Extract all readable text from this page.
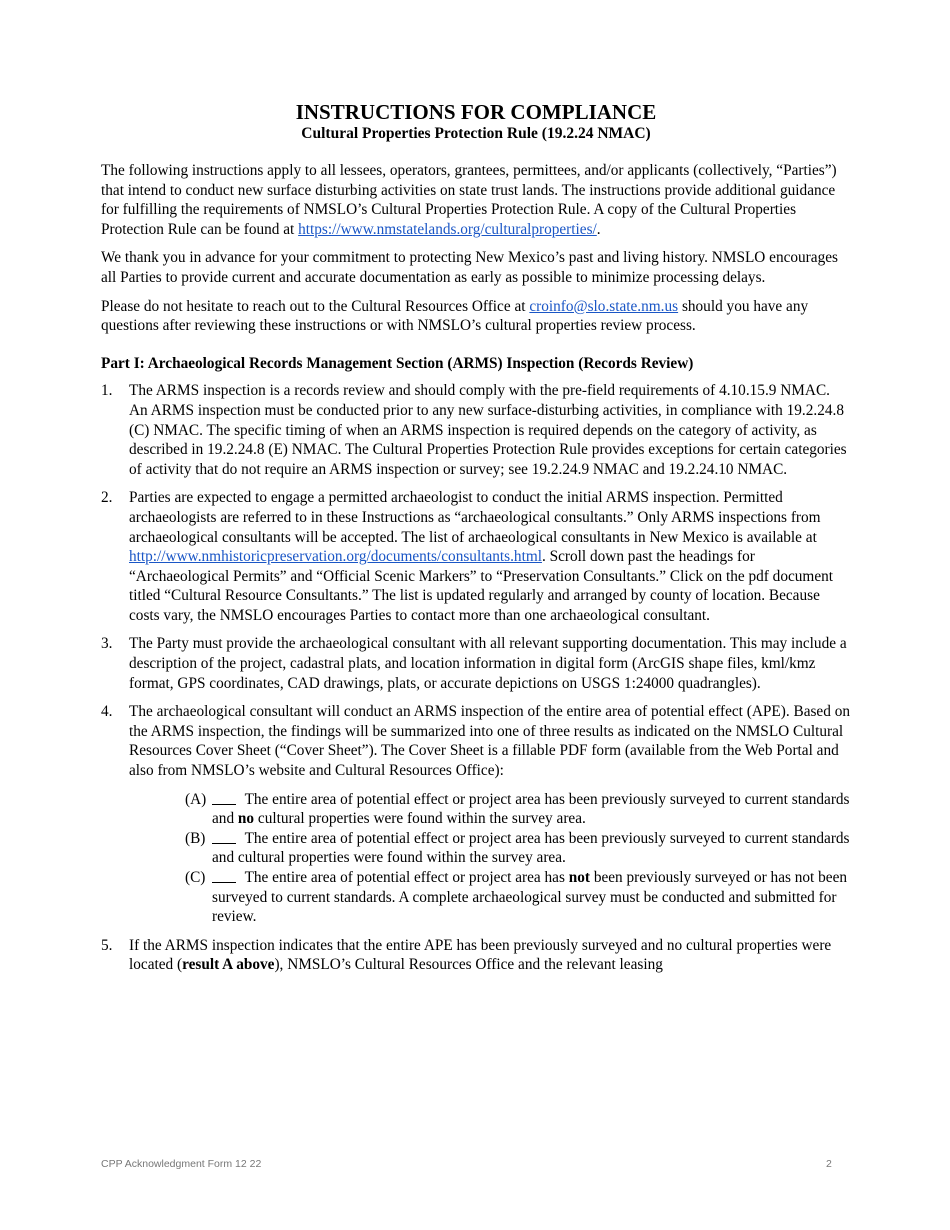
INSTRUCTIONS FOR COMPLIANCE
Cultural Properties Protection Rule (19.2.24 NMAC)

The following instructions apply to all lessees, operators, grantees, permittees, and/or applicants (collectively, “Parties”) that intend to conduct new surface disturbing activities on state trust lands. The instructions provide additional guidance for fulfilling the requirements of NMSLO’s Cultural Properties Protection Rule. A copy of the Cultural Properties Protection Rule can be found at https://www.nmstatelands.org/culturalproperties/.

We thank you in advance for your commitment to protecting New Mexico’s past and living history. NMSLO encourages all Parties to provide current and accurate documentation as early as possible to minimize processing delays.

Please do not hesitate to reach out to the Cultural Resources Office at croinfo@slo.state.nm.us should you have any questions after reviewing these instructions or with NMSLO’s cultural properties review process.

Part I: Archaeological Records Management Section (ARMS) Inspection (Records Review)
1. The ARMS inspection is a records review and should comply with the pre-field requirements of 4.10.15.9 NMAC. An ARMS inspection must be conducted prior to any new surface-disturbing activities, in compliance with 19.2.24.8 (C) NMAC. The specific timing of when an ARMS inspection is required depends on the category of activity, as described in 19.2.24.8 (E) NMAC. The Cultural Properties Protection Rule provides exceptions for certain categories of activity that do not require an ARMS inspection or survey; see 19.2.24.9 NMAC and 19.2.24.10 NMAC.
2. Parties are expected to engage a permitted archaeologist to conduct the initial ARMS inspection. Permitted archaeologists are referred to in these Instructions as “archaeological consultants.” Only ARMS inspections from archaeological consultants will be accepted. The list of archaeological consultants in New Mexico is available at
http://www.nmhistoricpreservation.org/documents/consultants.html. Scroll down past the headings for “Archaeological Permits” and “Official Scenic Markers” to “Preservation Consultants.” Click on the pdf document titled “Cultural Resource Consultants.” The list is updated regularly and arranged by county of location. Because costs vary, the NMSLO encourages Parties to contact more than one archaeological consultant.
3. The Party must provide the archaeological consultant with all relevant supporting documentation. This may include a description of the project, cadastral plats, and location information in digital form (ArcGIS shape files, kml/kmz format, GPS coordinates, CAD drawings, plats, or accurate depictions on USGS 1:24000 quadrangles).
4. The archaeological consultant will conduct an ARMS inspection of the entire area of potential effect (APE). Based on the ARMS inspection, the findings will be summarized into one of three results as indicated on the NMSLO Cultural Resources Cover Sheet (“Cover Sheet”). The Cover Sheet is a fillable PDF form (available from the Web Portal and also from NMSLO’s website and Cultural Resources Office):
(A)	The entire area of potential effect or project area has been previously surveyed to current standards and no cultural properties were found within the survey area.
(B)	The entire area of potential effect or project area has been previously surveyed to current standards and cultural properties were found within the survey area.
(C)	The entire area of potential effect or project area has not been previously surveyed or has not been surveyed to current standards. A complete archaeological survey must be conducted and submitted for review.
5. If the ARMS inspection indicates that the entire APE has been previously surveyed and no cultural properties were located (result A above), NMSLO’s Cultural Resources Office and the relevant leasing
CPP Acknowledgment Form 12 22	2
